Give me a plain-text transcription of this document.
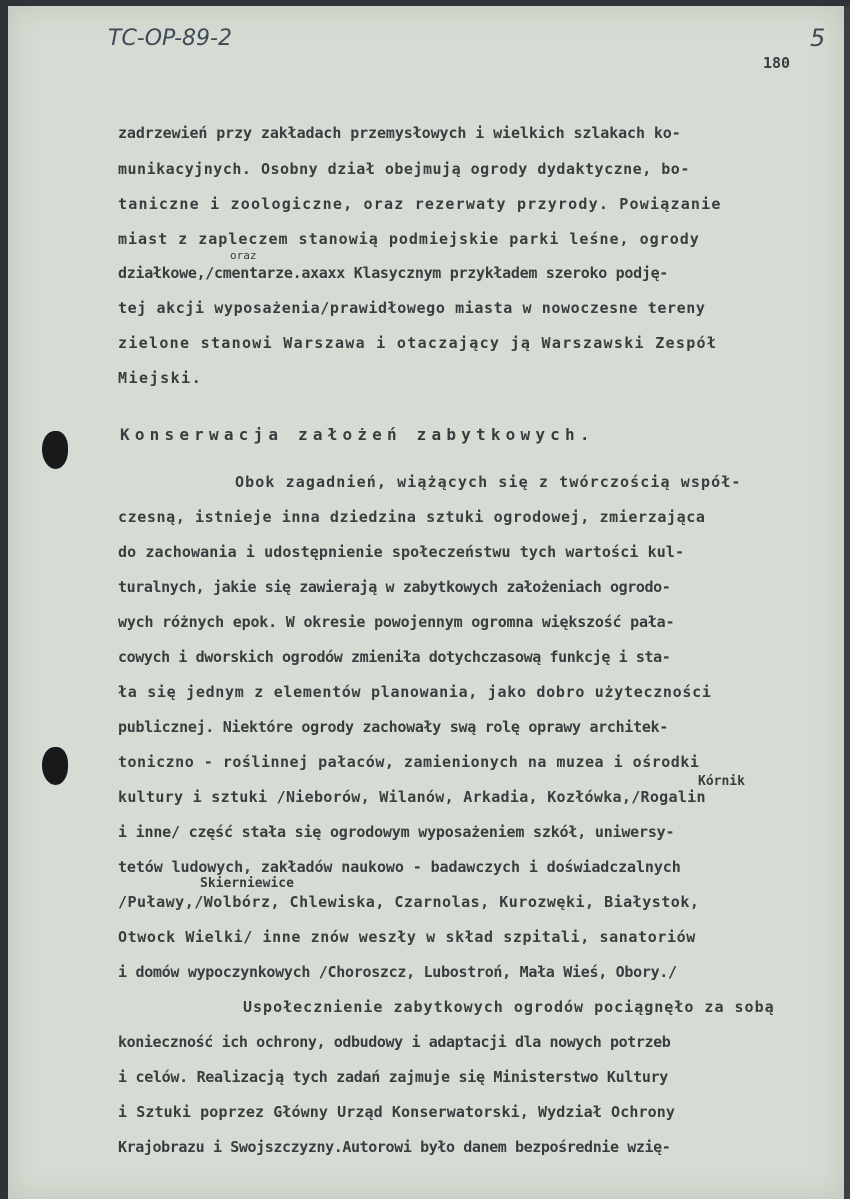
TC-OP-89-2	5
180
zadrzewień przy zakładach przemysłowych i wielkich szlakach ko-
munikacyjnych. Osobny dział obejmują ogrody dydaktyczne, bo-
taniczne i zoologiczne, oraz rezerwaty przyrody. Powiązanie
miast z zapleczem stanowią podmiejskie parki leśne, ogrody
oraz
działkowe,/cmentarze.axaxx Klasycznym przykładem szeroko podję-
tej akcji wyposażenia/prawidłowego miasta w nowoczesne tereny
zielone stanowi Warszawa i otaczający ją Warszawski Zespół
Miejski.
Konserwacja założeń zabytkowych.
Obok zagadnień, wiążących się z twórczością współ-
czesną, istnieje inna dziedzina sztuki ogrodowej, zmierzająca
do zachowania i udostępnienie społeczeństwu tych wartości kul-
turalnych, jakie się zawierają w zabytkowych założeniach ogrodo-
wych różnych epok. W okresie powojennym ogromna większość pała-
cowych i dworskich ogrodów zmieniła dotychczasową funkcję i sta-
ła się jednym z elementów planowania, jako dobro użyteczności
publicznej. Niektóre ogrody zachowały swą rolę oprawy architek-
toniczno - roślinnej pałaców, zamienionych na muzea i ośrodki
Kórnik
kultury i sztuki /Nieborów, Wilanów, Arkadia, Kozłówka,/Rogalin
i inne/ część stała się ogrodowym wyposażeniem szkół, uniwersy-
tetów ludowych, zakładów naukowo - badawczych i doświadczalnych
Skierniewice
/Puławy,/Wolbórz, Chlewiska, Czarnolas, Kurozwęki, Białystok,
Otwock Wielki/ inne znów weszły w skład szpitali, sanatoriów
i domów wypoczynkowych /Choroszcz, Lubostroń, Mała Wieś, Obory./
Uspołecznienie zabytkowych ogrodów pociągnęło za sobą
konieczność ich ochrony, odbudowy i adaptacji dla nowych potrzeb
i celów. Realizacją tych zadań zajmuje się Ministerstwo Kultury
i Sztuki poprzez Główny Urząd Konserwatorski, Wydział Ochrony
Krajobrazu i Swojszczyzny.Autorowi było danem bezpośrednie wzię-
